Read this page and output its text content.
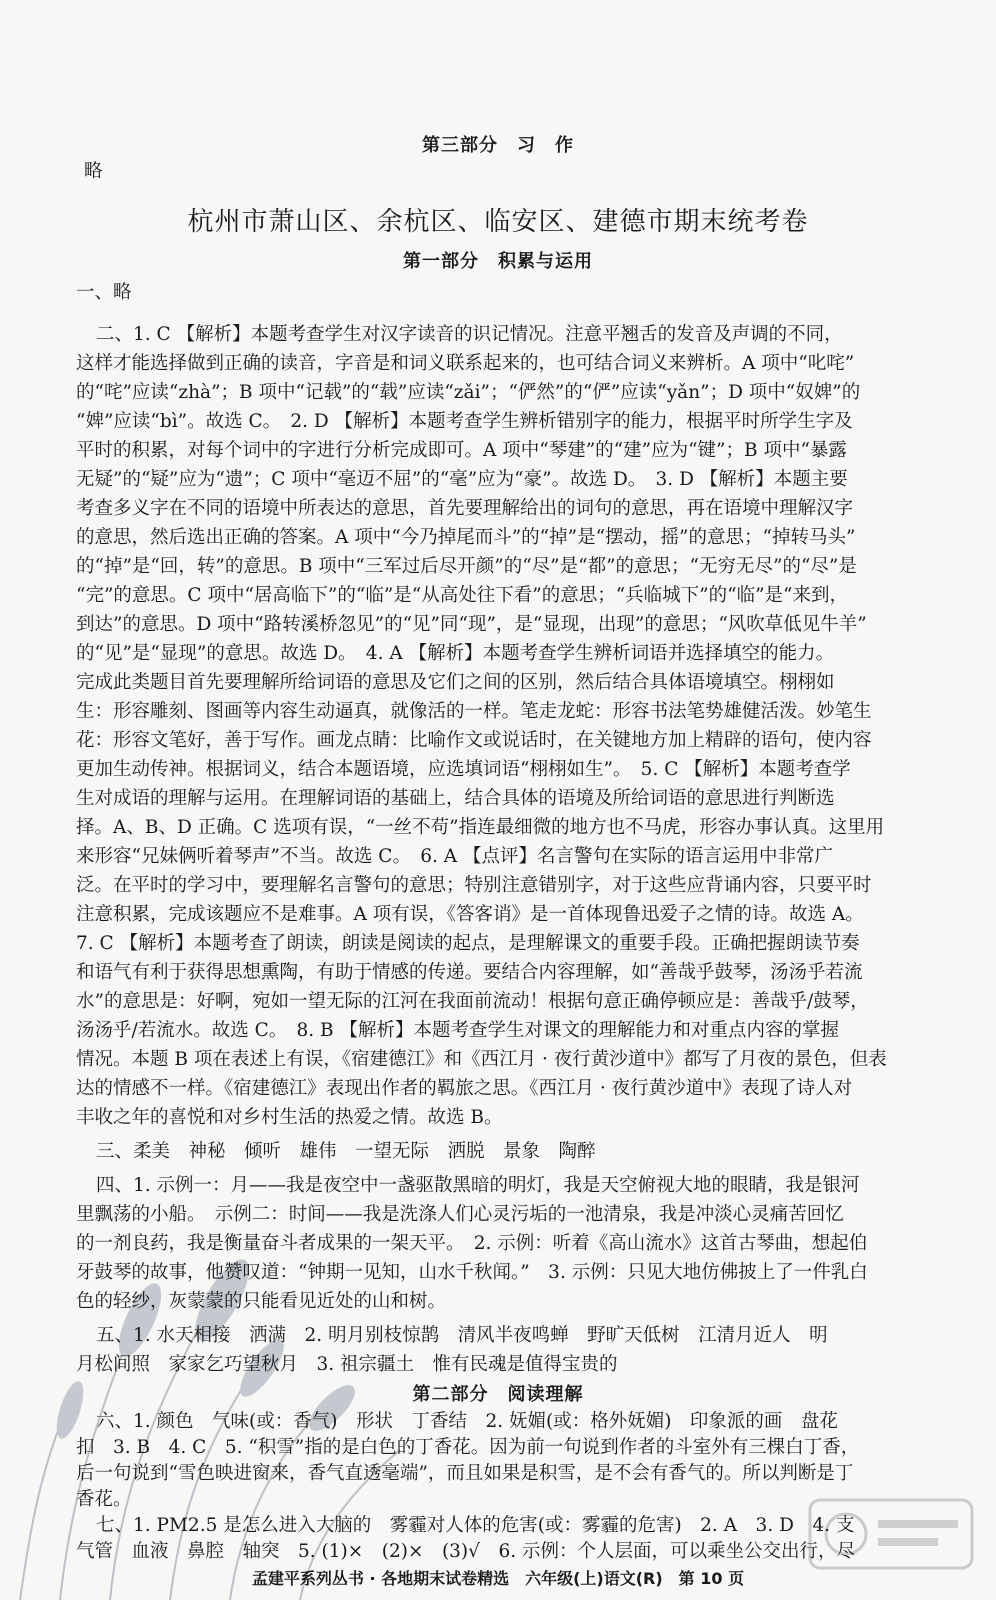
第三部分　习　作
略
杭州市萧山区、余杭区、临安区、建德市期末统考卷
第一部分　积累与运用
一、略
二、1. C 【解析】本题考查学生对汉字读音的识记情况。注意平翘舌的发音及声调的不同，
这样才能选择做到正确的读音，字音是和词义联系起来的，也可结合词义来辨析。A 项中“叱咤”
的“咤”应读“zhà”；B 项中“记载”的“载”应读“zǎi”；“俨然”的“俨”应读“yǎn”；D 项中“奴婢”的
“婢”应读“bì”。故选 C。　2. D 【解析】本题考查学生辨析错别字的能力，根据平时所学生字及
平时的积累，对每个词中的字进行分析完成即可。A 项中“琴建”的“建”应为“键”；B 项中“暴露
无疑”的“疑”应为“遗”；C 项中“毫迈不屈”的“毫”应为“豪”。故选 D。　3. D 【解析】本题主要
考查多义字在不同的语境中所表达的意思，首先要理解给出的词句的意思，再在语境中理解汉字
的意思，然后选出正确的答案。A 项中“今乃掉尾而斗”的“掉”是“摆动，摇”的意思；“掉转马头”
的“掉”是“回，转”的意思。B 项中“三军过后尽开颜”的“尽”是“都”的意思；“无穷无尽”的“尽”是
“完”的意思。C 项中“居高临下”的“临”是“从高处往下看”的意思；“兵临城下”的“临”是“来到，
到达”的意思。D 项中“路转溪桥忽见”的“见”同“现”，是“显现，出现”的意思；“风吹草低见牛羊”
的“见”是“显现”的意思。故选 D。　4. A 【解析】本题考查学生辨析词语并选择填空的能力。
完成此类题目首先要理解所给词语的意思及它们之间的区别，然后结合具体语境填空。栩栩如
生：形容雕刻、图画等内容生动逼真，就像活的一样。笔走龙蛇：形容书法笔势雄健活泼。妙笔生
花：形容文笔好，善于写作。画龙点睛：比喻作文或说话时，在关键地方加上精辟的语句，使内容
更加生动传神。根据词义，结合本题语境，应选填词语“栩栩如生”。　5. C 【解析】本题考查学
生对成语的理解与运用。在理解词语的基础上，结合具体的语境及所给词语的意思进行判断选
择。A、B、D 正确。C 选项有误，“一丝不苟”指连最细微的地方也不马虎，形容办事认真。这里用
来形容“兄妹俩听着琴声”不当。故选 C。　6. A 【点评】名言警句在实际的语言运用中非常广
泛。在平时的学习中，要理解名言警句的意思；特别注意错别字，对于这些应背诵内容，只要平时
注意积累，完成该题应不是难事。A 项有误，《答客诮》是一首体现鲁迅爱子之情的诗。故选 A。
7. C 【解析】本题考查了朗读，朗读是阅读的起点，是理解课文的重要手段。正确把握朗读节奏
和语气有利于获得思想熏陶，有助于情感的传递。要结合内容理解，如“善哉乎鼓琴，汤汤乎若流
水”的意思是：好啊，宛如一望无际的江河在我面前流动！根据句意正确停顿应是：善哉乎/鼓琴，
汤汤乎/若流水。故选 C。　8. B 【解析】本题考查学生对课文的理解能力和对重点内容的掌握
情况。本题 B 项在表述上有误，《宿建德江》和《西江月 · 夜行黄沙道中》都写了月夜的景色，但表
达的情感不一样。《宿建德江》表现出作者的羁旅之思。《西江月 · 夜行黄沙道中》表现了诗人对
丰收之年的喜悦和对乡村生活的热爱之情。故选 B。
三、柔美　神秘　倾听　雄伟　一望无际　洒脱　景象　陶醉
四、1. 示例一：月——我是夜空中一盏驱散黑暗的明灯，我是天空俯视大地的眼睛，我是银河
里飘荡的小船。　示例二：时间——我是洗涤人们心灵污垢的一池清泉，我是冲淡心灵痛苦回忆
的一剂良药，我是衡量奋斗者成果的一架天平。　2. 示例：听着《高山流水》这首古琴曲，想起伯
牙鼓琴的故事，他赞叹道：“钟期一见知，山水千秋闻。”　3. 示例：只见大地仿佛披上了一件乳白
色的轻纱，灰蒙蒙的只能看见近处的山和树。
五、1. 水天相接　洒满　2. 明月别枝惊鹊　清风半夜鸣蝉　野旷天低树　江清月近人　明
月松间照　家家乞巧望秋月　3. 祖宗疆土　惟有民魂是值得宝贵的
第二部分　阅读理解
六、1. 颜色　气味(或：香气)　形状　丁香结　2. 妩媚(或：格外妩媚)　印象派的画　盘花
扣　3. B　4. C　5. “积雪”指的是白色的丁香花。因为前一句说到作者的斗室外有三棵白丁香，
后一句说到“雪色映进窗来，香气直透毫端”，而且如果是积雪，是不会有香气的。所以判断是丁
香花。
七、1. PM2.5 是怎么进入大脑的　雾霾对人体的危害(或：雾霾的危害)　2. A　3. D　4. 支
气管　血液　鼻腔　轴突　5. (1)×　(2)×　(3)√　6. 示例：个人层面，可以乘坐公交出行，尽
孟建平系列丛书 · 各地期末试卷精选　六年级(上)语文(R)　第 10 页
